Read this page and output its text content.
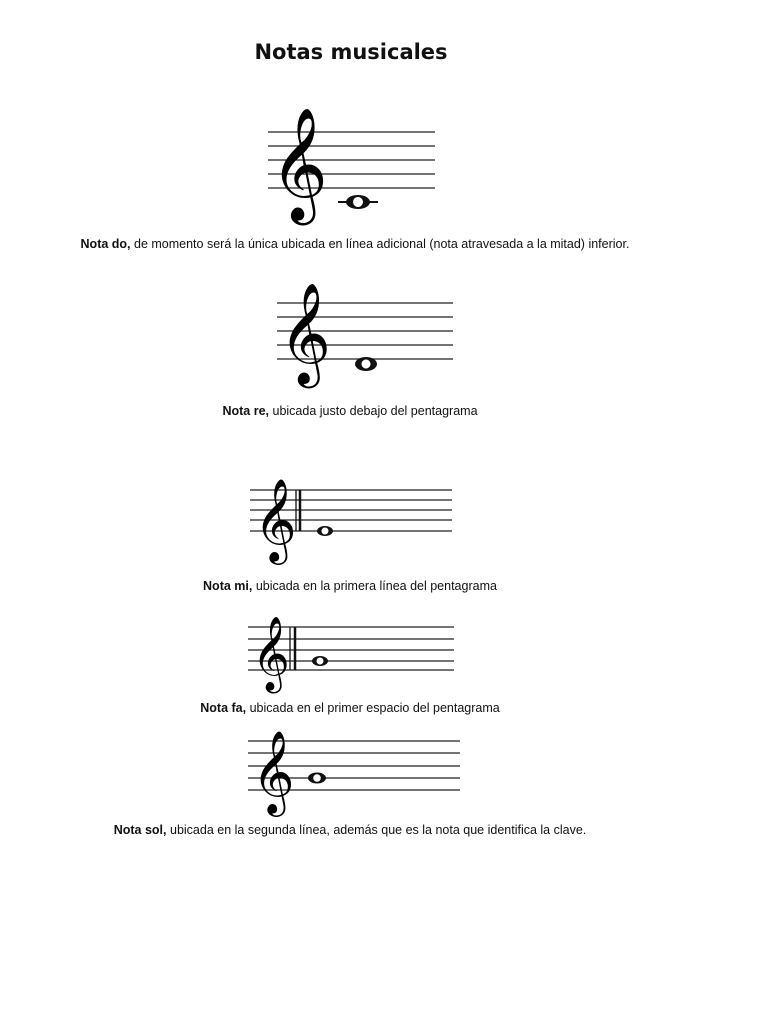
Notas musicales
𝄞

Nota do, de momento será la única ubicada en línea adicional (nota atravesada a la mitad) inferior.

𝄞

Nota re, ubicada justo debajo del pentagrama

𝄞

Nota mi, ubicada en la primera línea del pentagrama

𝄞

Nota fa, ubicada en el primer espacio del pentagrama

𝄞

Nota sol, ubicada en la segunda línea, además que es la nota que identifica la clave.
